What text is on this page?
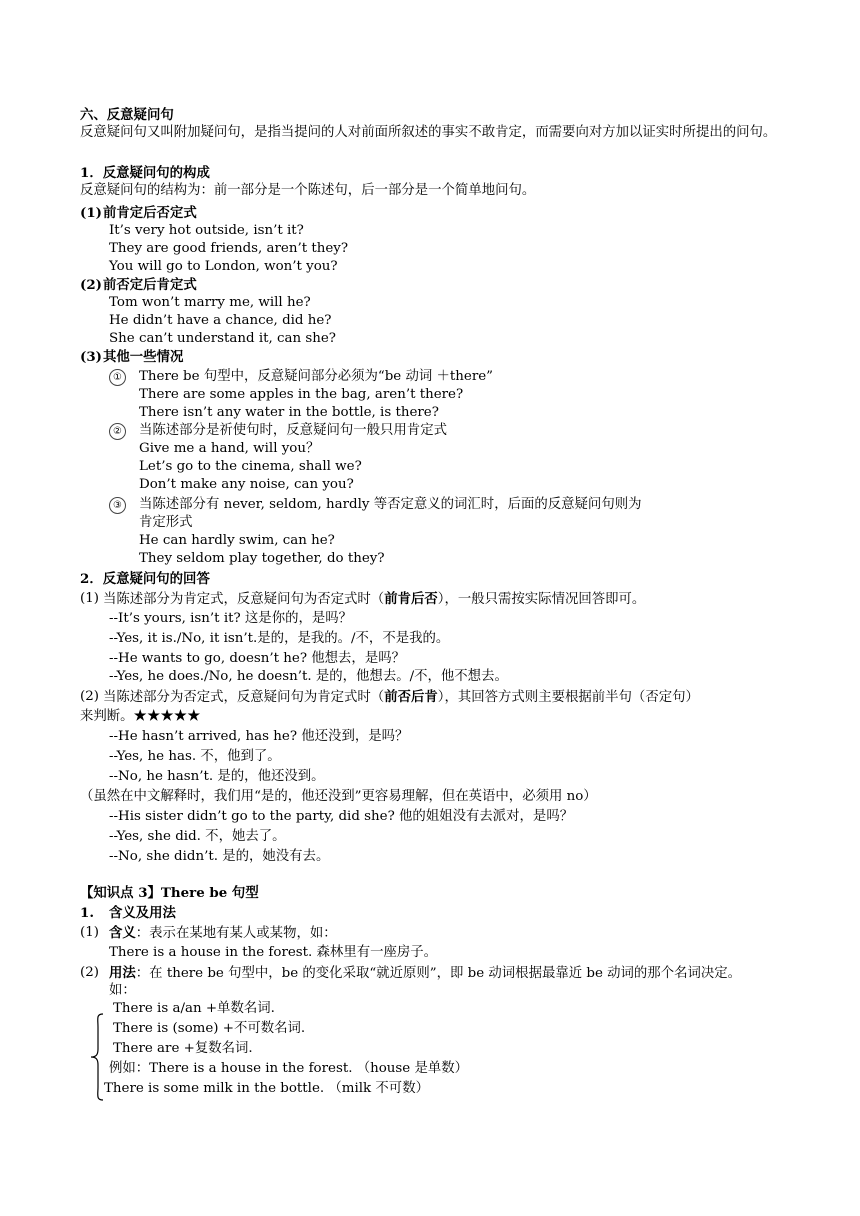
六、反意疑问句
反意疑问句又叫附加疑问句，是指当提问的人对前面所叙述的事实不敢肯定，而需要向对方加以证实时所提出的问句。
1．反意疑问句的构成
反意疑问句的结构为：前一部分是一个陈述句，后一部分是一个简单地问句。
(1) 前肯定后否定式
It’s very hot outside, isn’t it?
They are good friends, aren’t they?
You will go to London, won’t you?
(2) 前否定后肯定式
Tom won’t marry me, will he?
He didn’t have a chance, did he?
She can’t understand it, can she?
(3) 其他一些情况
① There be 句型中，反意疑问部分必须为“be 动词 ＋there”
There are some apples in the bag, aren’t there?
There isn’t any water in the bottle, is there?
② 当陈述部分是祈使句时，反意疑问句一般只用肯定式
Give me a hand, will you？
Let’s go to the cinema, shall we?
Don’t make any noise, can you?
③ 当陈述部分有 never, seldom, hardly 等否定意义的词汇时，后面的反意疑问句则为
肯定形式
He can hardly swim, can he?
They seldom play together, do they?
2．反意疑问句的回答
(1) 当陈述部分为肯定式，反意疑问句为否定式时（前肯后否），一般只需按实际情况回答即可。
--It’s yours, isn’t it? 这是你的，是吗？
--Yes, it is./No, it isn’t.是的，是我的。/不，不是我的。
--He wants to go, doesn’t he? 他想去，是吗？
--Yes, he does./No, he doesn’t. 是的，他想去。/不，他不想去。
(2) 当陈述部分为否定式，反意疑问句为肯定式时（前否后肯），其回答方式则主要根据前半句（否定句）
来判断。★★★★★
--He hasn’t arrived, has he? 他还没到，是吗？
--Yes, he has. 不，他到了。
--No, he hasn’t. 是的，他还没到。
（虽然在中文解释时，我们用“是的，他还没到”更容易理解，但在英语中，必须用 no）
--His sister didn’t go to the party, did she? 他的姐姐没有去派对，是吗？
--Yes, she did. 不，她去了。
--No, she didn’t. 是的，她没有去。
【知识点 3】There be 句型
1. 含义及用法
(1) 含义：表示在某地有某人或某物，如：
There is a house in the forest. 森林里有一座房子。
(2) 用法：在 there be 句型中，be 的变化采取“就近原则”，即 be 动词根据最靠近 be 动词的那个名词决定。
如：
There is a/an +单数名词.
There is (some) +不可数名词.
There are +复数名词.
例如：There is a house in the forest. （house 是单数）
There is some milk in the bottle. （milk 不可数）
